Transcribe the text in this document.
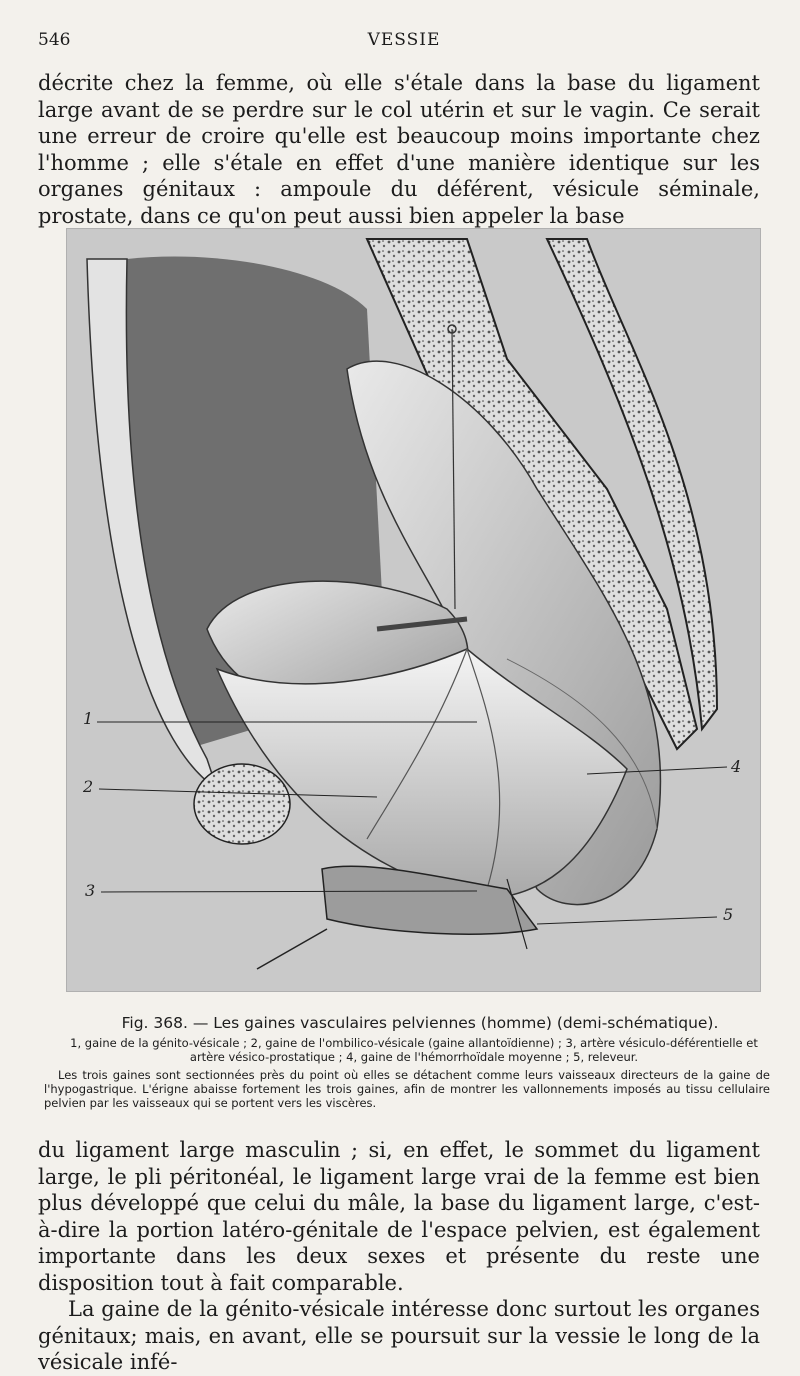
546	VESSIE

décrite chez la femme, où elle s'étale dans la base du ligament large avant de se perdre sur le col utérin et sur le vagin. Ce serait une erreur de croire qu'elle est beaucoup moins importante chez l'homme ; elle s'étale en effet d'une manière identique sur les organes génitaux : ampoule du déférent, vésicule séminale, prostate, dans ce qu'on peut aussi bien appeler la base

1
2
3
4
5
Fig. 368. — Les gaines vasculaires pelviennes (homme) (demi-schématique).
1, gaine de la génito-vésicale ; 2, gaine de l'ombilico-vésicale (gaine allantoïdienne) ; 3, artère vésiculo-déférentielle et artère vésico-prostatique ; 4, gaine de l'hémorrhoïdale moyenne ; 5, releveur.
Les trois gaines sont sectionnées près du point où elles se détachent comme leurs vaisseaux directeurs de la gaine de l'hypogastrique. L'érigne abaisse fortement les trois gaines, afin de montrer les vallonnements imposés au tissu cellulaire pelvien par les vaisseaux qui se portent vers les viscères.

du ligament large masculin ; si, en effet, le sommet du ligament large, le pli péritonéal, le ligament large vrai de la femme est bien plus développé que celui du mâle, la base du ligament large, c'est-à-dire la portion latéro-génitale de l'espace pelvien, est également importante dans les deux sexes et présente du reste une disposition tout à fait comparable.

La gaine de la génito-vésicale intéresse donc surtout les organes génitaux; mais, en avant, elle se poursuit sur la vessie le long de la vésicale infé-
